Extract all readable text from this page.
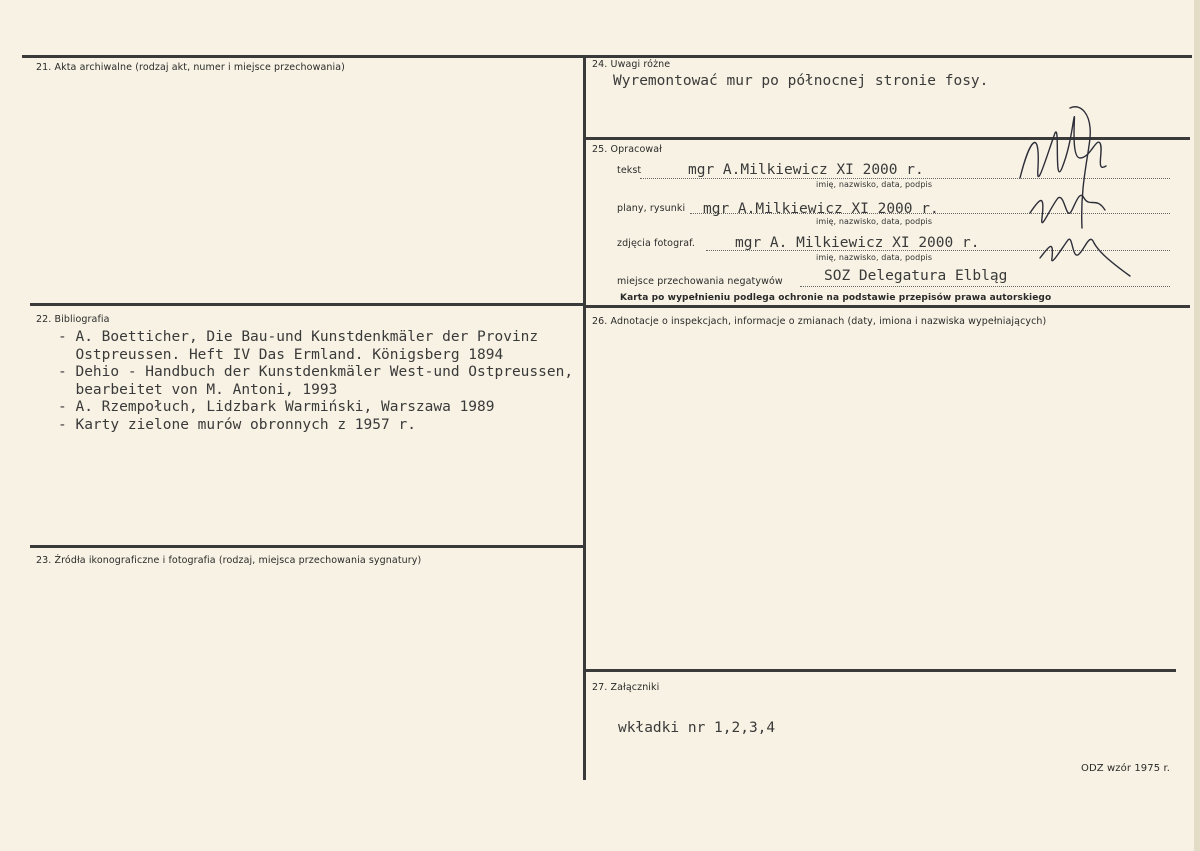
21. Akta archiwalne (rodzaj akt, numer i miejsce przechowania)
22. Bibliografia
- A. Boetticher, Die Bau-und Kunstdenkmäler der Provinz
Ostpreussen. Heft IV Das Ermland. Königsberg 1894
- Dehio - Handbuch der Kunstdenkmäler West-und Ostpreussen,
bearbeitet von M. Antoni, 1993
- A. Rzempołuch, Lidzbark Warmiński, Warszawa 1989
- Karty zielone murów obronnych z 1957 r.
23. Źródła ikonograficzne i fotografia (rodzaj, miejsca przechowania sygnatury)
24. Uwagi różne
Wyremontować mur po północnej stronie fosy.
25. Opracował
tekst	mgr A.Milkiewicz XI 2000 r.
imię, nazwisko, data, podpis
plany, rysunki mgr A.Milkiewicz XI 2000 r.
imię, nazwisko, data, podpis
zdjęcia fotograf.	mgr A. Milkiewicz XI 2000 r.
imię, nazwisko, data, podpis
miejsce przechowania negatywów	SOZ Delegatura Elbląg
Karta po wypełnieniu podlega ochronie na podstawie przepisów prawa autorskiego
26. Adnotacje o inspekcjach, informacje o zmianach (daty, imiona i nazwiska wypełniających)
27. Załączniki
wkładki nr 1,2,3,4
ODZ wzór 1975 r.
